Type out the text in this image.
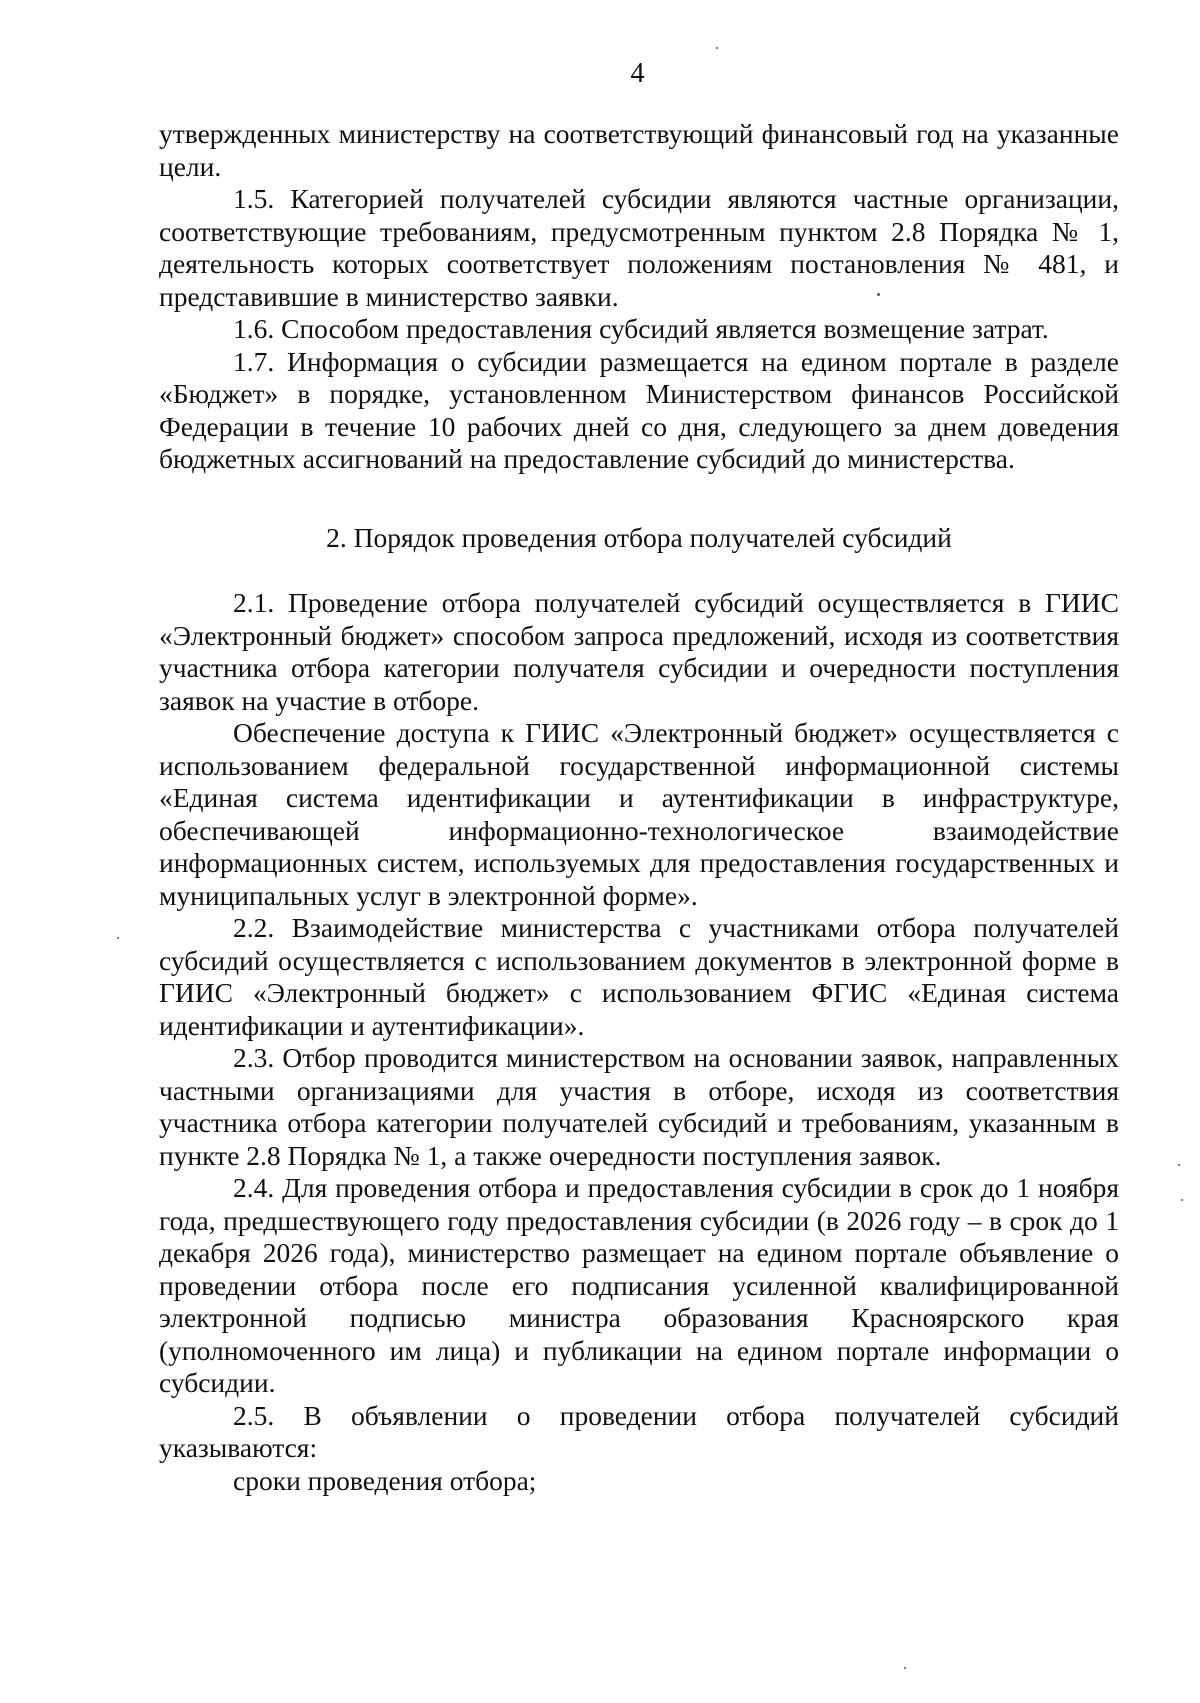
4

утвержденных министерству на соответствующий финансовый год на указанные цели.

1.5. Категорией получателей субсидии являются частные организации, соответствующие требованиям, предусмотренным пунктом 2.8 Порядка № 1, деятельность которых соответствует положениям постановления № 481, и представившие в министерство заявки.

1.6. Способом предоставления субсидий является возмещение затрат.

1.7. Информация о субсидии размещается на едином портале в разделе «Бюджет» в порядке, установленном Министерством финансов Российской Федерации в течение 10 рабочих дней со дня, следующего за днем доведения бюджетных ассигнований на предоставление субсидий до министерства.

2. Порядок проведения отбора получателей субсидий

2.1. Проведение отбора получателей субсидий осуществляется в ГИИС «Электронный бюджет» способом запроса предложений, исходя из соответствия участника отбора категории получателя субсидии и очередности поступления заявок на участие в отборе.

Обеспечение доступа к ГИИС «Электронный бюджет» осуществляется с использованием федеральной государственной информационной системы «Единая система идентификации и аутентификации в инфраструктуре, обеспечивающей информационно-технологическое взаимодействие информационных систем, используемых для предоставления государственных и муниципальных услуг в электронной форме».

2.2. Взаимодействие министерства с участниками отбора получателей субсидий осуществляется с использованием документов в электронной форме в ГИИС «Электронный бюджет» с использованием ФГИС «Единая система идентификации и аутентификации».

2.3. Отбор проводится министерством на основании заявок, направленных частными организациями для участия в отборе, исходя из соответствия участника отбора категории получателей субсидий и требованиям, указанным в пункте 2.8 Порядка № 1, а также очередности поступления заявок.

2.4. Для проведения отбора и предоставления субсидии в срок до 1 ноября года, предшествующего году предоставления субсидии (в 2026 году – в срок до 1 декабря 2026 года), министерство размещает на едином портале объявление о проведении отбора после его подписания усиленной квалифицированной электронной подписью министра образования Красноярского края (уполномоченного им лица) и публикации на едином портале информации о субсидии.

2.5. В объявлении о проведении отбора получателей субсидий указываются:

сроки проведения отбора;
